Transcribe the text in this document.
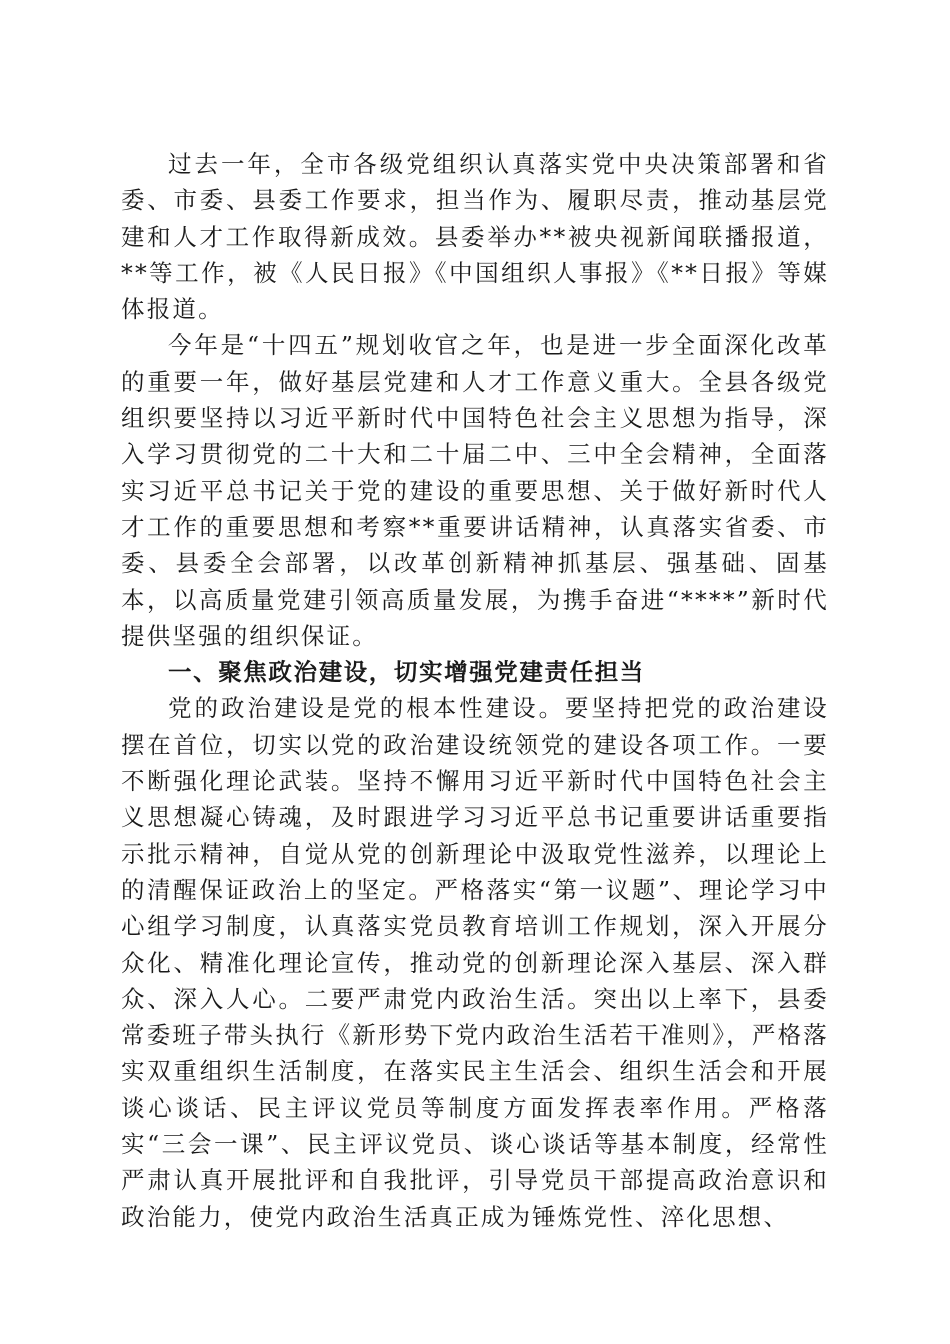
过去一年，全市各级党组织认真落实党中央决策部署和省委、市委、县委工作要求，担当作为、履职尽责，推动基层党建和人才工作取得新成效。县委举办**被央视新闻联播报道，**等工作，被《人民日报》《中国组织人事报》《**日报》等媒体报道。

今年是“十四五”规划收官之年，也是进一步全面深化改革的重要一年，做好基层党建和人才工作意义重大。全县各级党组织要坚持以习近平新时代中国特色社会主义思想为指导，深入学习贯彻党的二十大和二十届二中、三中全会精神，全面落实习近平总书记关于党的建设的重要思想、关于做好新时代人才工作的重要思想和考察**重要讲话精神，认真落实省委、市委、县委全会部署，以改革创新精神抓基层、强基础、固基本，以高质量党建引领高质量发展，为携手奋进“****”新时代提供坚强的组织保证。

一、聚焦政治建设，切实增强党建责任担当

党的政治建设是党的根本性建设。要坚持把党的政治建设摆在首位，切实以党的政治建设统领党的建设各项工作。一要不断强化理论武装。坚持不懈用习近平新时代中国特色社会主义思想凝心铸魂，及时跟进学习习近平总书记重要讲话重要指示批示精神，自觉从党的创新理论中汲取党性滋养，以理论上的清醒保证政治上的坚定。严格落实“第一议题”、理论学习中心组学习制度，认真落实党员教育培训工作规划，深入开展分众化、精准化理论宣传，推动党的创新理论深入基层、深入群众、深入人心。二要严肃党内政治生活。突出以上率下，县委常委班子带头执行《新形势下党内政治生活若干准则》，严格落实双重组织生活制度，在落实民主生活会、组织生活会和开展谈心谈话、民主评议党员等制度方面发挥表率作用。严格落实“三会一课”、民主评议党员、谈心谈话等基本制度，经常性严肃认真开展批评和自我批评，引导党员干部提高政治意识和政治能力，使党内政治生活真正成为锤炼党性、淬化思想、
